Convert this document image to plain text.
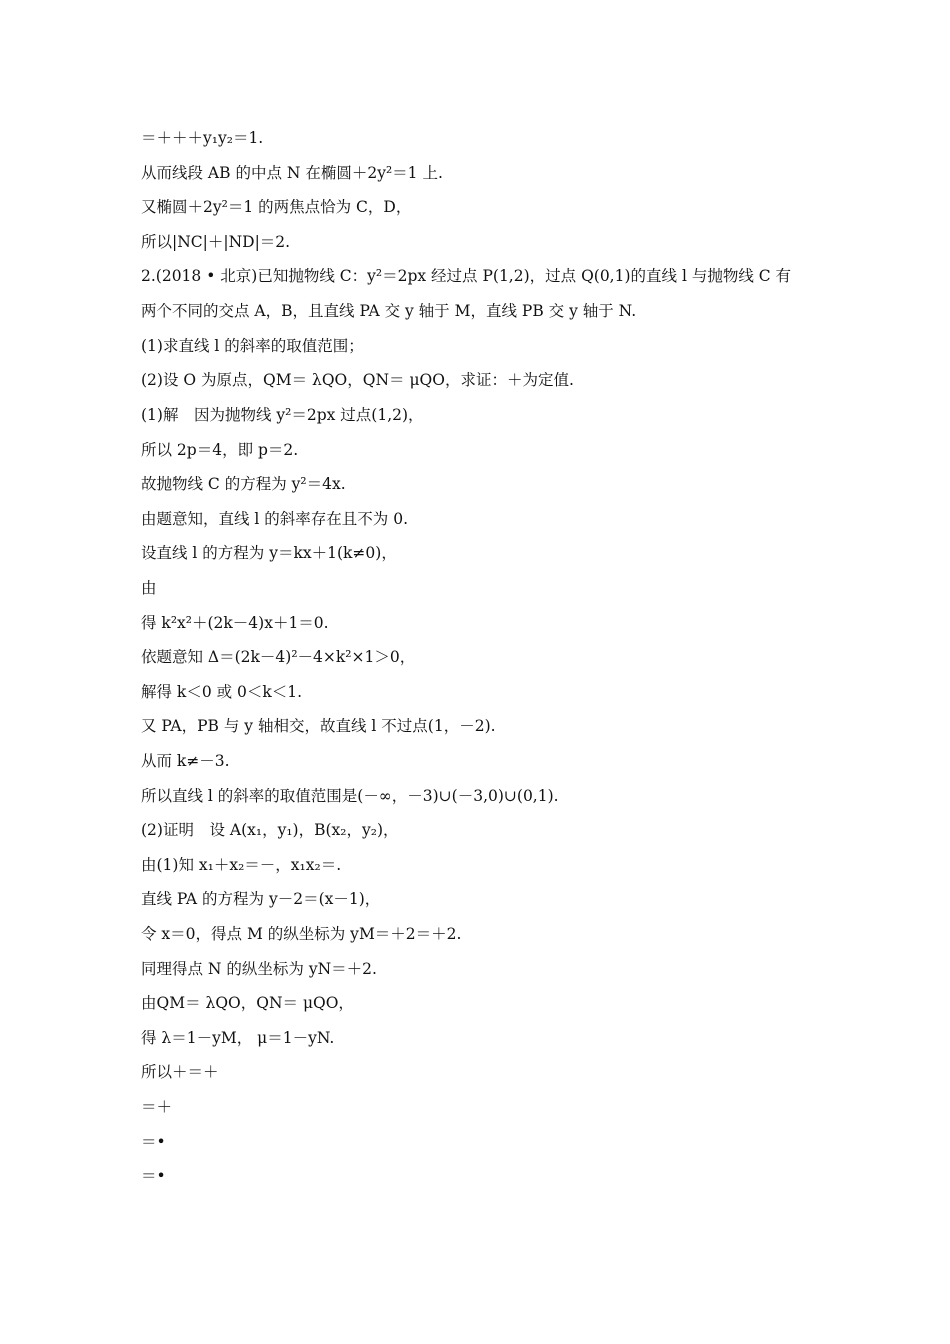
＝＋＋＋y₁y₂＝1.
从而线段 AB 的中点 N 在椭圆＋2y²＝1 上.
又椭圆＋2y²＝1 的两焦点恰为 C，D，
所以|NC|＋|ND|＝2.
2.(2018 • 北京)已知抛物线 C：y²＝2px 经过点 P(1,2)，过点 Q(0,1)的直线 l 与抛物线 C 有
两个不同的交点 A，B，且直线 PA 交 y 轴于 M，直线 PB 交 y 轴于 N.
(1)求直线 l 的斜率的取值范围；
(2)设 O 为原点，QM＝ λQO，QN＝ μQO，求证：＋为定值.
(1)解　因为抛物线 y²＝2px 过点(1,2)，
所以 2p＝4，即 p＝2.
故抛物线 C 的方程为 y²＝4x.
由题意知，直线 l 的斜率存在且不为 0.
设直线 l 的方程为 y＝kx＋1(k≠0)，
由
得 k²x²＋(2k－4)x＋1＝0.
依题意知 Δ＝(2k－4)²－4×k²×1＞0，
解得 k＜0 或 0＜k＜1.
又 PA，PB 与 y 轴相交，故直线 l 不过点(1，－2).
从而 k≠－3.
所以直线 l 的斜率的取值范围是(－∞，－3)∪(－3,0)∪(0,1).
(2)证明　设 A(x₁，y₁)，B(x₂，y₂)，
由(1)知 x₁＋x₂＝－，x₁x₂＝.
直线 PA 的方程为 y－2＝(x－1)，
令 x＝0，得点 M 的纵坐标为 yM＝＋2＝＋2.
同理得点 N 的纵坐标为 yN＝＋2.
由QM＝ λQO，QN＝ μQO，
得 λ＝1－yM， μ＝1－yN.
所以＋＝＋
＝＋
＝•
＝•
